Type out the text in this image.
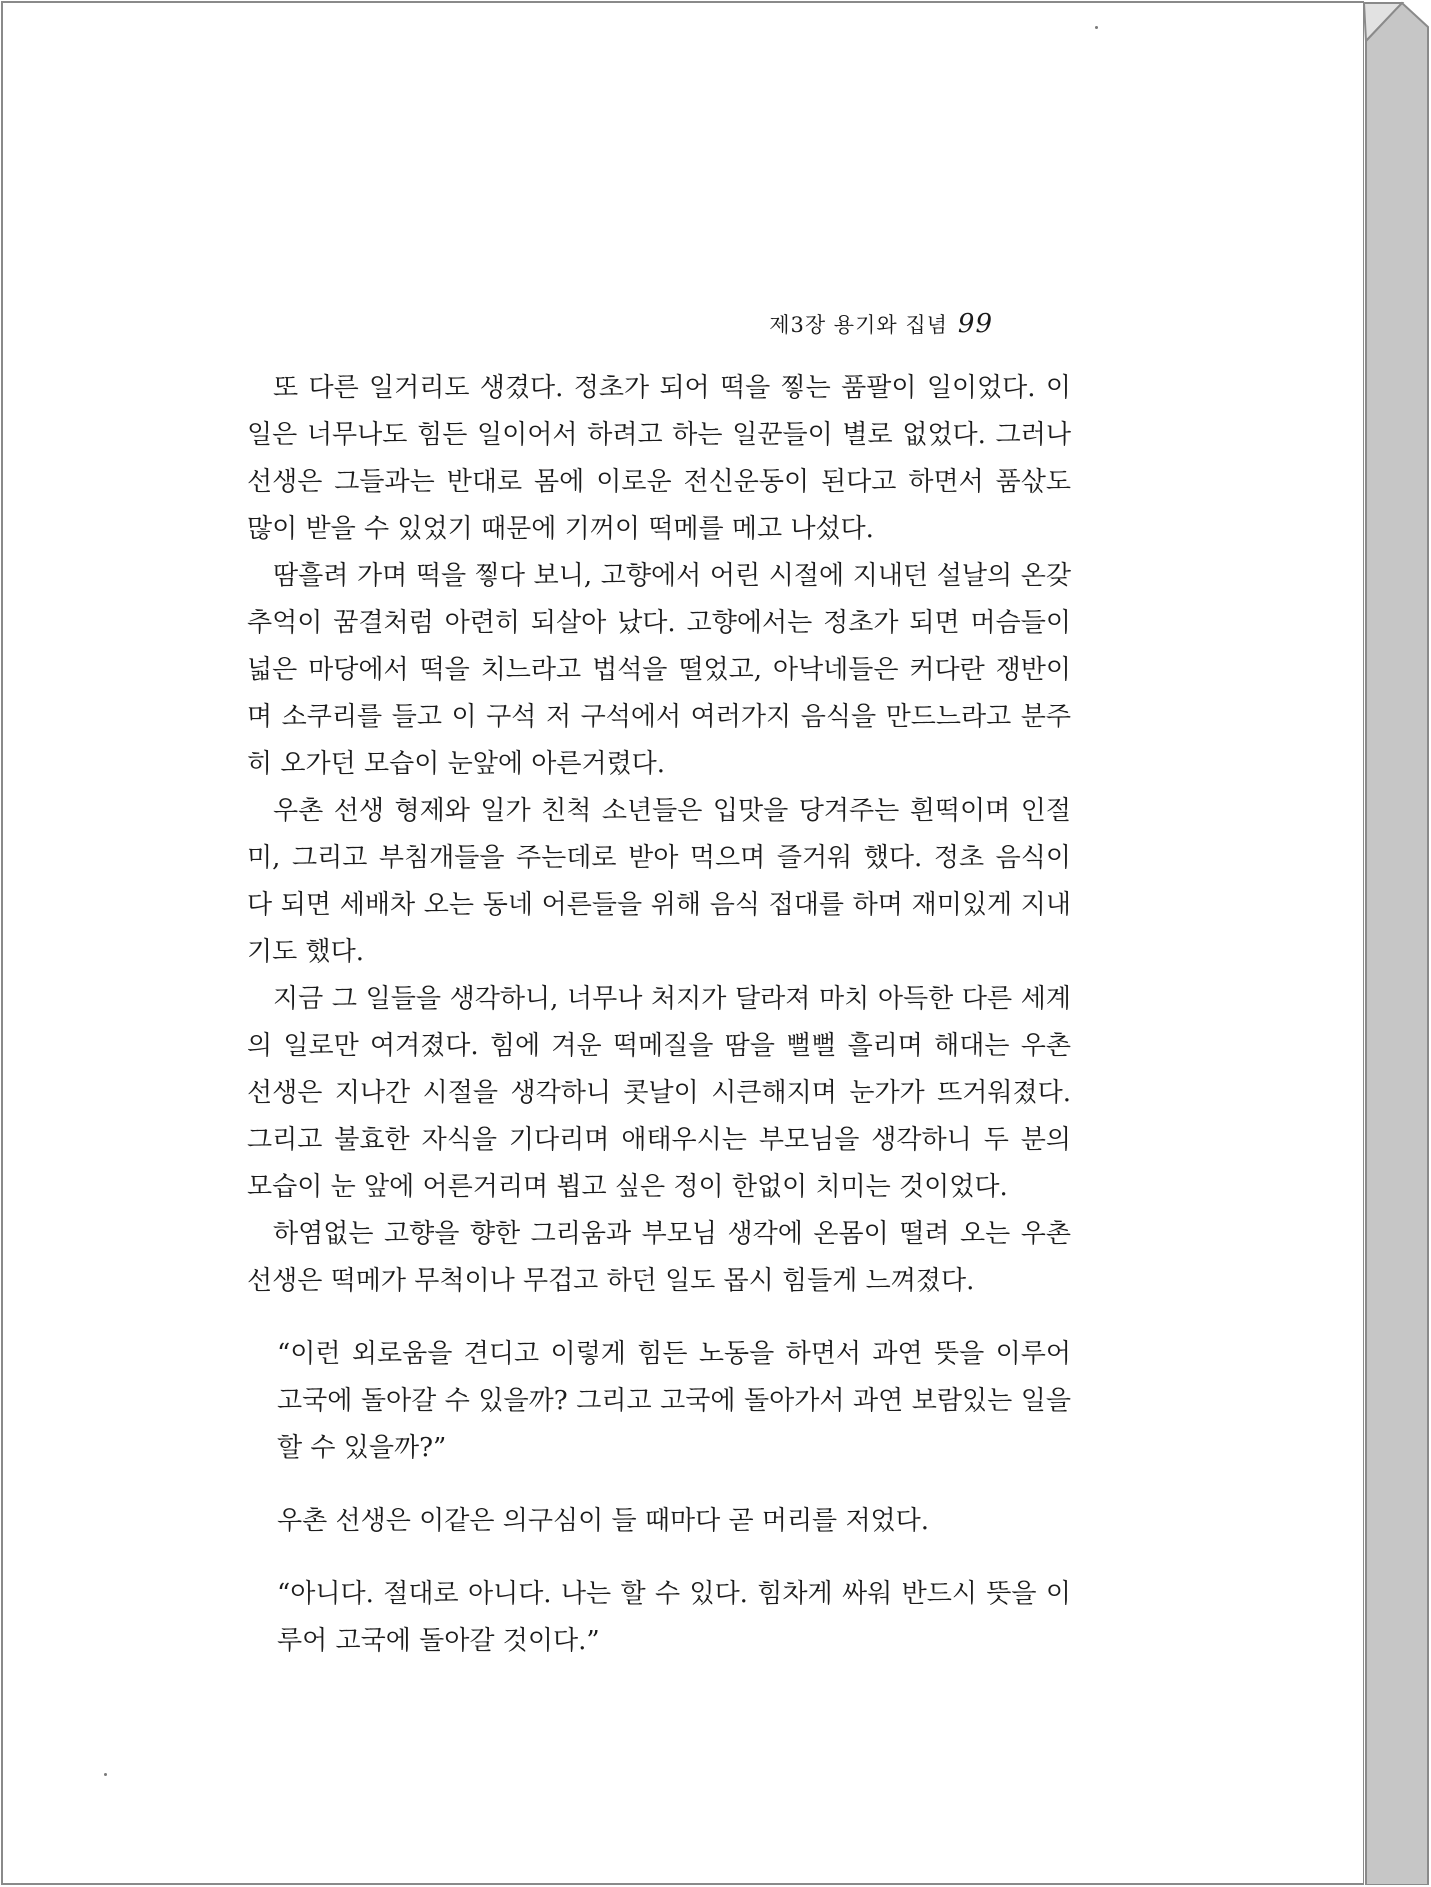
제3장 용기와 집념 99

또 다른 일거리도 생겼다. 정초가 되어 떡을 찧는 품팔이 일이었다. 이 일은 너무나도 힘든 일이어서 하려고 하는 일꾼들이 별로 없었다. 그러나 선생은 그들과는 반대로 몸에 이로운 전신운동이 된다고 하면서 품삯도 많이 받을 수 있었기 때문에 기꺼이 떡메를 메고 나섰다.

땀흘려 가며 떡을 찧다 보니, 고향에서 어린 시절에 지내던 설날의 온갖 추억이 꿈결처럼 아련히 되살아 났다. 고향에서는 정초가 되면 머슴들이 넓은 마당에서 떡을 치느라고 법석을 떨었고, 아낙네들은 커다란 쟁반이며 소쿠리를 들고 이 구석 저 구석에서 여러가지 음식을 만드느라고 분주히 오가던 모습이 눈앞에 아른거렸다.

우촌 선생 형제와 일가 친척 소년들은 입맛을 당겨주는 흰떡이며 인절미, 그리고 부침개들을 주는데로 받아 먹으며 즐거워 했다. 정초 음식이 다 되면 세배차 오는 동네 어른들을 위해 음식 접대를 하며 재미있게 지내기도 했다.

지금 그 일들을 생각하니, 너무나 처지가 달라져 마치 아득한 다른 세계의 일로만 여겨졌다. 힘에 겨운 떡메질을 땀을 뻘뻘 흘리며 해대는 우촌 선생은 지나간 시절을 생각하니 콧날이 시큰해지며 눈가가 뜨거워졌다. 그리고 불효한 자식을 기다리며 애태우시는 부모님을 생각하니 두 분의 모습이 눈 앞에 어른거리며 뵙고 싶은 정이 한없이 치미는 것이었다.

하염없는 고향을 향한 그리움과 부모님 생각에 온몸이 떨려 오는 우촌 선생은 떡메가 무척이나 무겁고 하던 일도 몹시 힘들게 느껴졌다.

“이런 외로움을 견디고 이렇게 힘든 노동을 하면서 과연 뜻을 이루어 고국에 돌아갈 수 있을까? 그리고 고국에 돌아가서 과연 보람있는 일을 할 수 있을까?”

우촌 선생은 이같은 의구심이 들 때마다 곧 머리를 저었다.

“아니다. 절대로 아니다. 나는 할 수 있다. 힘차게 싸워 반드시 뜻을 이루어 고국에 돌아갈 것이다.”
